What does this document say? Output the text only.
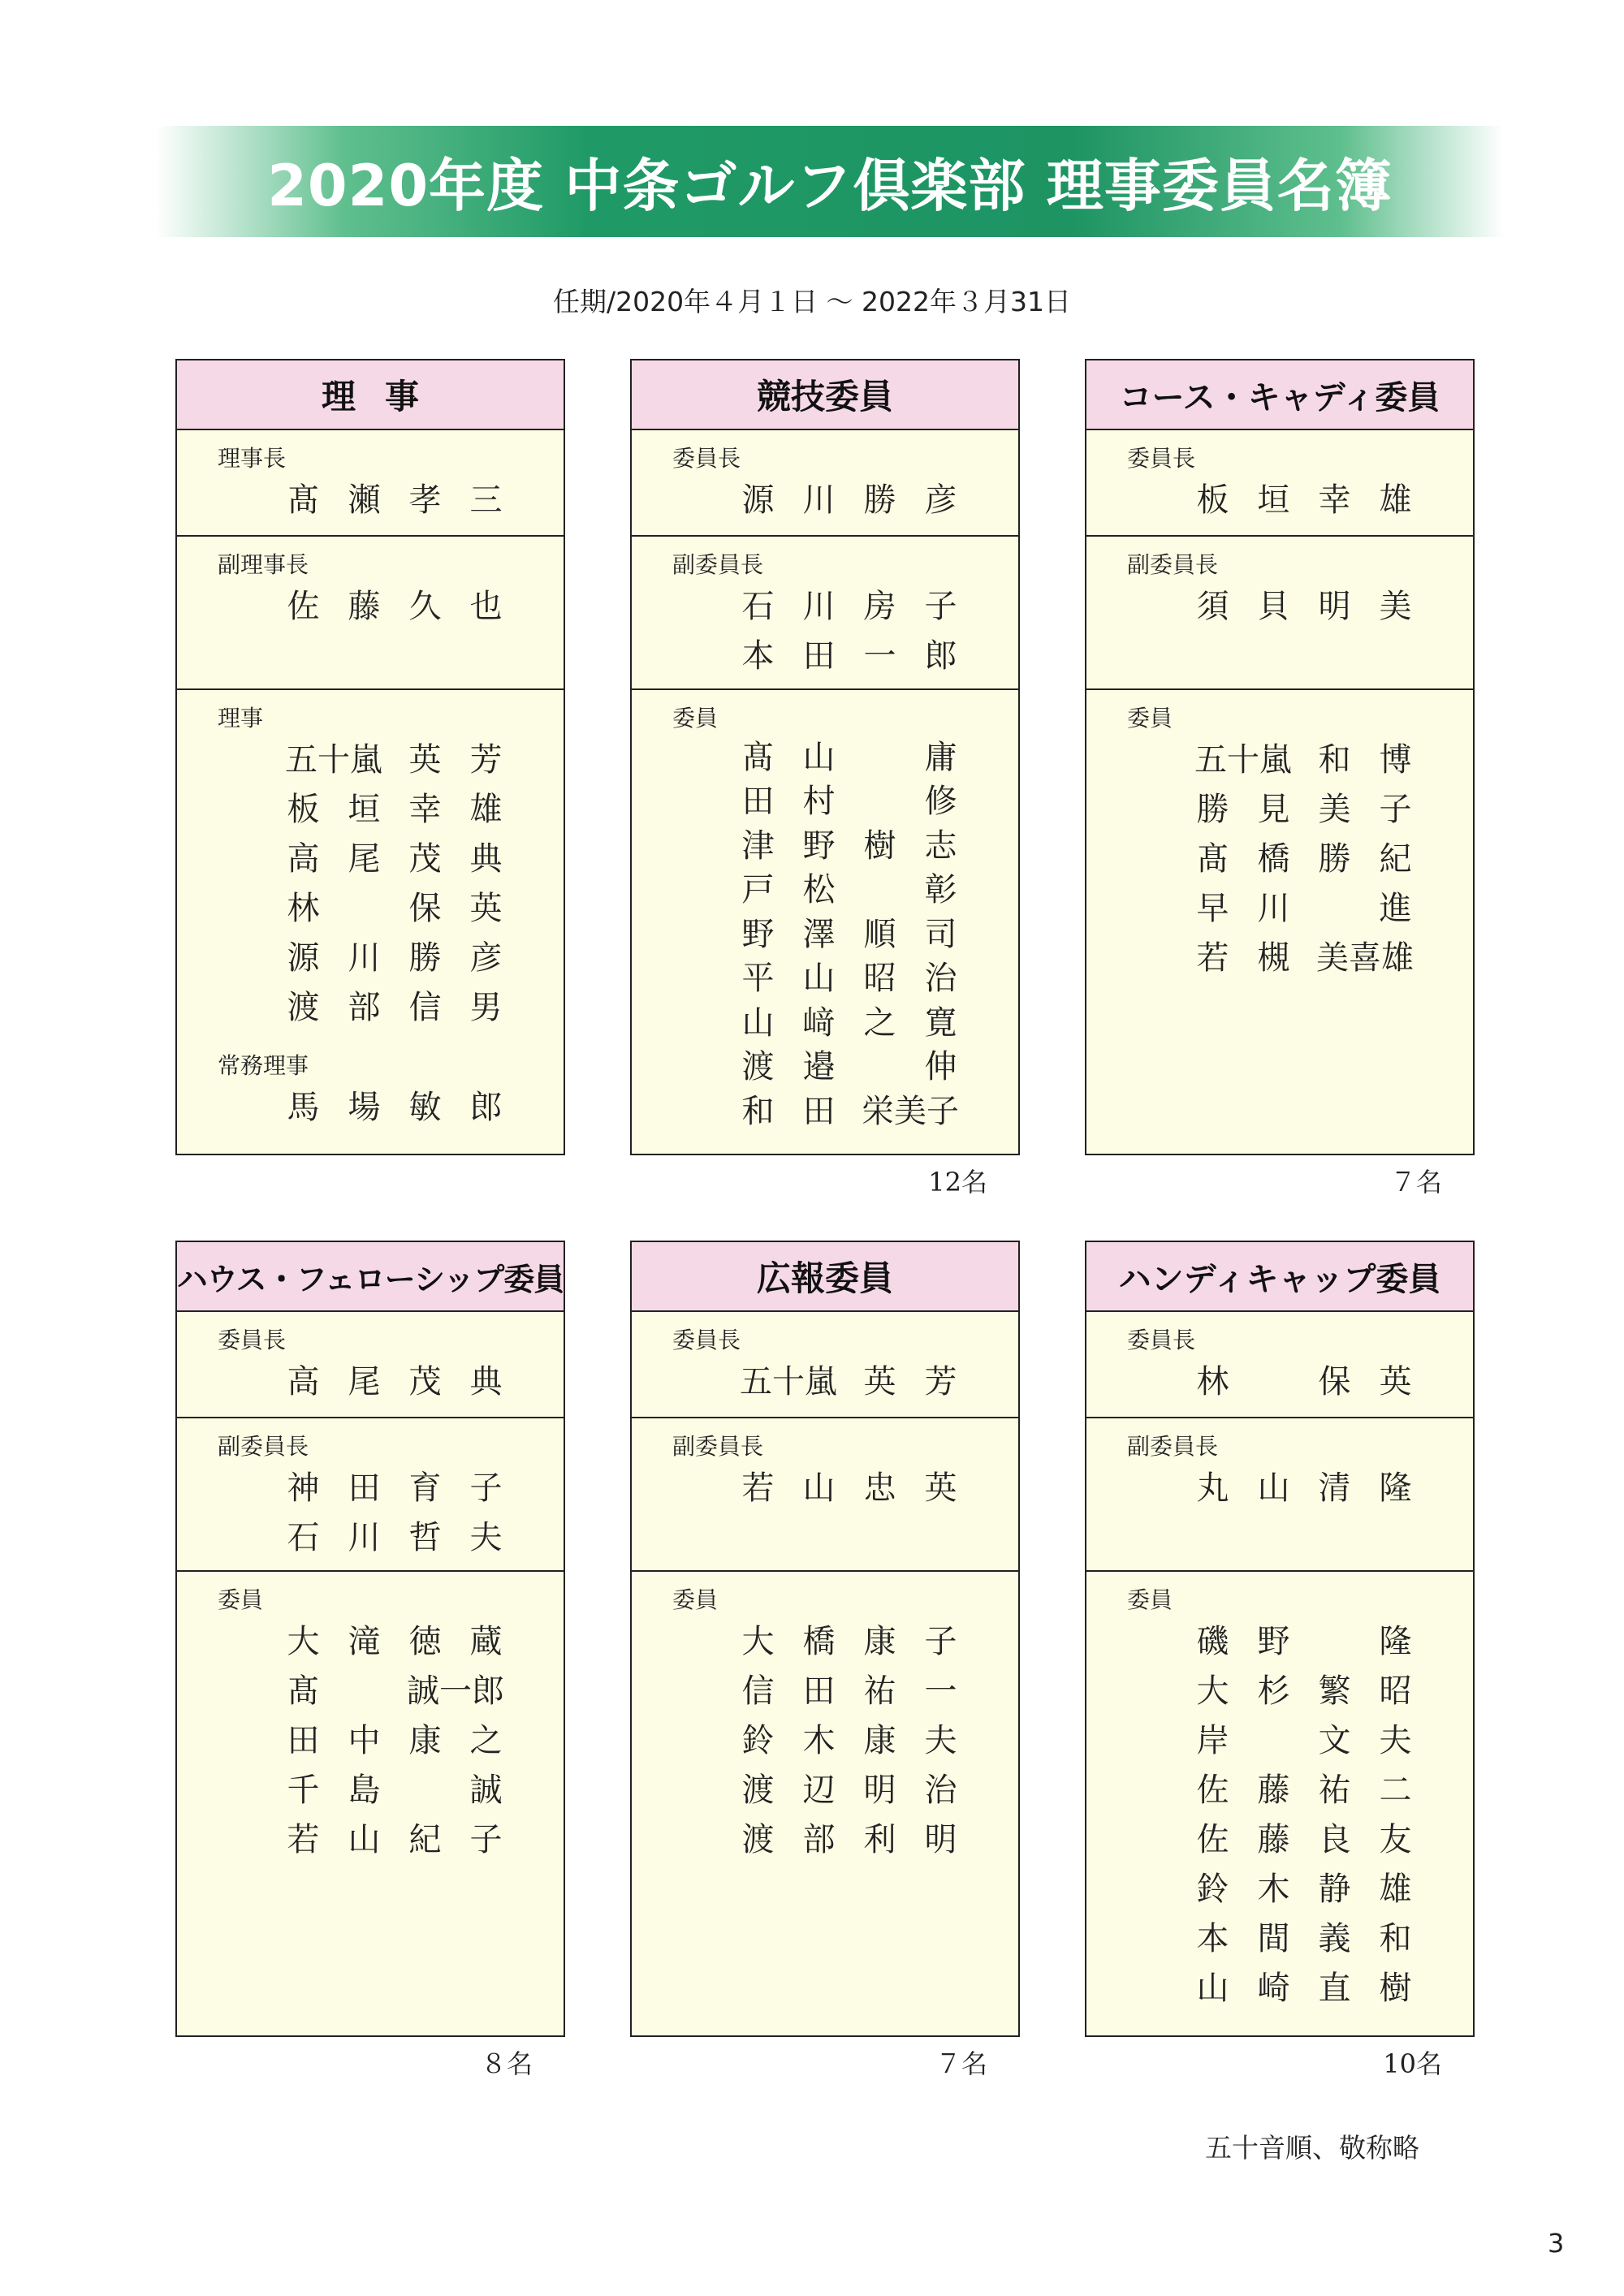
2020年度 中条ゴルフ倶楽部 理事委員名簿
任期/2020年４月１日 ～ 2022年３月31日
理事
理事長
髙 瀬 孝 三
副理事長
佐 藤 久 也
理事
五十嵐 英 芳
板 垣 幸 雄
高 尾 茂 典
林	保 英
源 川 勝 彦
渡 部 信 男
常務理事
馬 場 敏 郎
12名
競技委員
委員長
源 川 勝 彦
副委員長
石 川 房 子
本 田 一 郎
委員
髙 山	庸
田 村	修
津 野 樹 志
戸 松	彰
野 澤 順 司
平 山 昭 治
山 﨑 之 寛
渡 邉	伸
和 田 栄美子
７名
コース・キャディ委員
委員長
板 垣 幸 雄
副委員長
須 貝 明 美
委員
五十嵐 和 博
勝 見 美 子
髙 橋 勝 紀
早 川	進
若 槻 美喜雄
８名
ハウス・フェローシップ委員
委員長
高 尾 茂 典
副委員長
神 田 育 子
石 川 哲 夫
委員
大 滝 徳 蔵
髙	誠一郎
田 中 康 之
千 島	誠
若 山 紀 子
７名
広報委員
委員長
五十嵐 英 芳
副委員長
若 山 忠 英
委員
大 橋 康 子
信 田 祐 一
鈴 木 康 夫
渡 辺 明 治
渡 部 利 明
10名
ハンディキャップ委員
委員長
林	保 英
副委員長
丸 山 清 隆
委員
磯 野	隆
大 杉 繁 昭
岸	文 夫
佐 藤 祐 二
佐 藤 良 友
鈴 木 静 雄
本 間 義 和
山 崎 直 樹
五十音順、敬称略
3
